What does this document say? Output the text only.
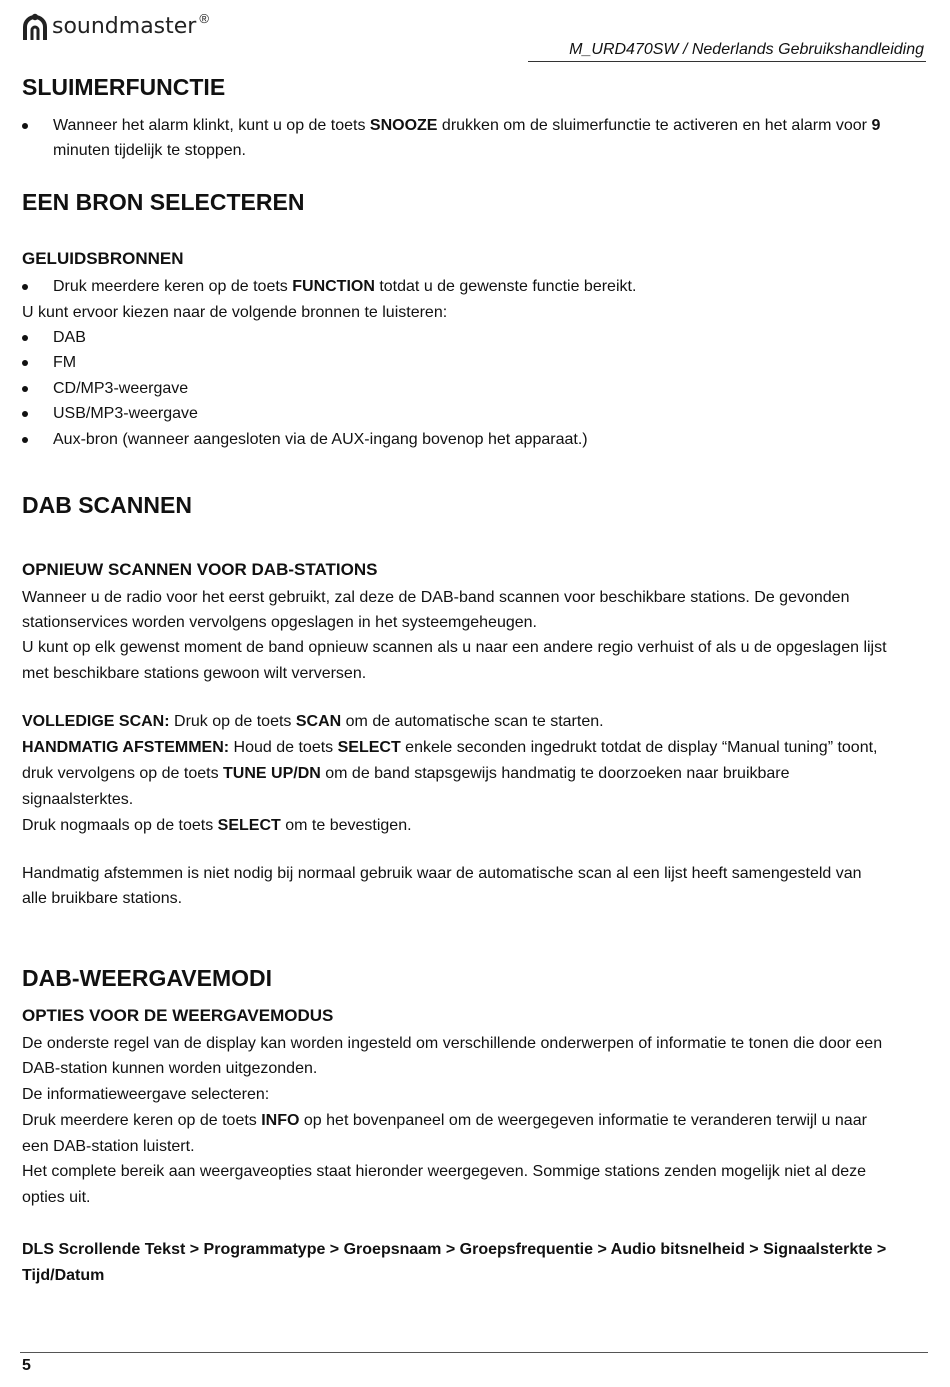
soundmaster ®
M_URD470SW / Nederlands Gebruikshandleiding
SLUIMERFUNCTIE
Wanneer het alarm klinkt, kunt u op de toets SNOOZE drukken om de sluimerfunctie te activeren en het alarm voor 9
minuten tijdelijk te stoppen.
EEN BRON SELECTEREN
GELUIDSBRONNEN
Druk meerdere keren op de toets FUNCTION totdat u de gewenste functie bereikt.
U kunt ervoor kiezen naar de volgende bronnen te luisteren:
DAB
FM
CD/MP3-weergave
USB/MP3-weergave
Aux-bron (wanneer aangesloten via de AUX-ingang bovenop het apparaat.)
DAB SCANNEN
OPNIEUW SCANNEN VOOR DAB-STATIONS
Wanneer u de radio voor het eerst gebruikt, zal deze de DAB-band scannen voor beschikbare stations. De gevonden
stationservices worden vervolgens opgeslagen in het systeemgeheugen.
U kunt op elk gewenst moment de band opnieuw scannen als u naar een andere regio verhuist of als u de opgeslagen lijst
met beschikbare stations gewoon wilt verversen.
VOLLEDIGE SCAN: Druk op de toets SCAN om de automatische scan te starten.
HANDMATIG AFSTEMMEN: Houd de toets SELECT enkele seconden ingedrukt totdat de display “Manual tuning” toont,
druk vervolgens op de toets TUNE UP/DN om de band stapsgewijs handmatig te doorzoeken naar bruikbare
signaalsterktes.
Druk nogmaals op de toets SELECT om te bevestigen.
Handmatig afstemmen is niet nodig bij normaal gebruik waar de automatische scan al een lijst heeft samengesteld van
alle bruikbare stations.
DAB-WEERGAVEMODI
OPTIES VOOR DE WEERGAVEMODUS
De onderste regel van de display kan worden ingesteld om verschillende onderwerpen of informatie te tonen die door een
DAB-station kunnen worden uitgezonden.
De informatieweergave selecteren:
Druk meerdere keren op de toets INFO op het bovenpaneel om de weergegeven informatie te veranderen terwijl u naar
een DAB-station luistert.
Het complete bereik aan weergaveopties staat hieronder weergegeven. Sommige stations zenden mogelijk niet al deze
opties uit.
DLS Scrollende Tekst > Programmatype > Groepsnaam > Groepsfrequentie > Audio bitsnelheid > Signaalsterkte >
Tijd/Datum
5
